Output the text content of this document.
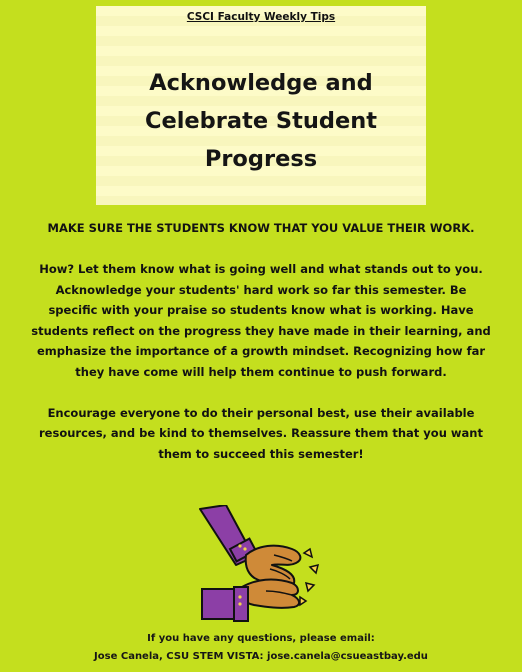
CSCI Faculty Weekly Tips
Acknowledge and
Celebrate Student
Progress
MAKE SURE THE STUDENTS KNOW THAT YOU VALUE THEIR WORK.
How? Let them know what is going well and what stands out to you. Acknowledge your students' hard work so far this semester. Be specific with your praise so students know what is working. Have students reflect on the progress they have made in their learning, and emphasize the importance of a growth mindset. Recognizing how far they have come will help them continue to push forward.
Encourage everyone to do their personal best, use their available resources, and be kind to themselves. Reassure them that you want them to succeed this semester!
If you have any questions, please email:
Jose Canela, CSU STEM VISTA: jose.canela@csueastbay.edu
